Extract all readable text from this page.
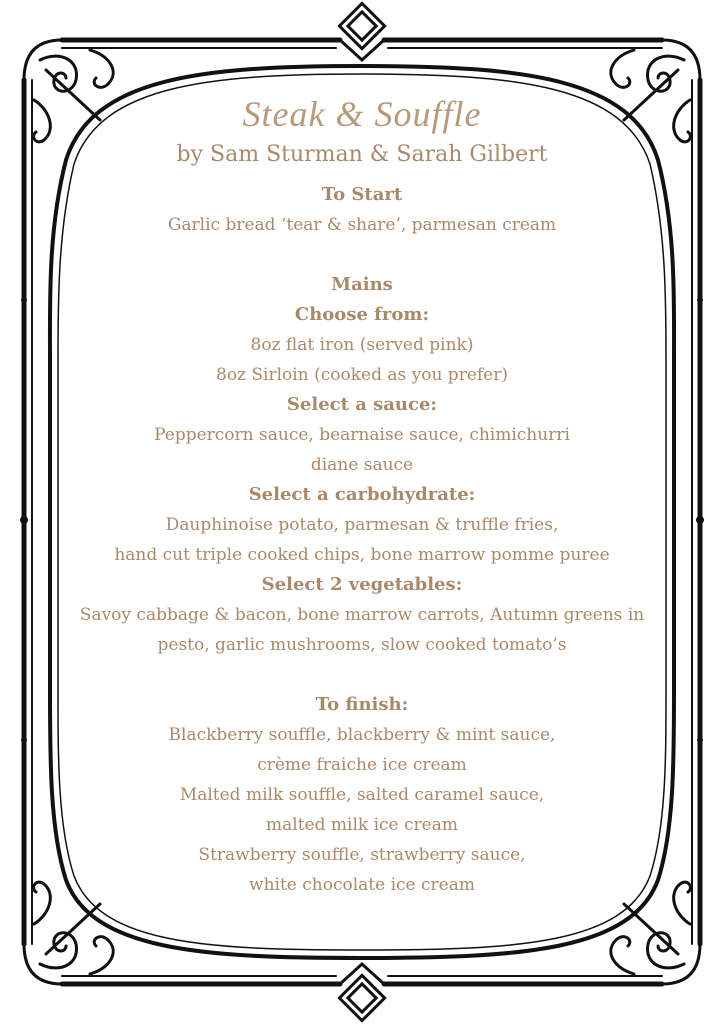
Steak & Souffle
by Sam Sturman & Sarah Gilbert
To Start
Garlic bread ‘tear & share’, parmesan cream
Mains
Choose from:
8oz flat iron (served pink)
8oz Sirloin (cooked as you prefer)
Select a sauce:
Peppercorn sauce, bearnaise sauce, chimichurri
diane sauce
Select a carbohydrate:
Dauphinoise potato, parmesan & truffle fries,
hand cut triple cooked chips, bone marrow pomme puree
Select 2 vegetables:
Savoy cabbage & bacon, bone marrow carrots, Autumn greens in
pesto, garlic mushrooms, slow cooked tomato’s
To finish:
Blackberry souffle, blackberry & mint sauce,
crème fraiche ice cream
Malted milk souffle, salted caramel sauce,
malted milk ice cream
Strawberry souffle, strawberry sauce,
white chocolate ice cream
